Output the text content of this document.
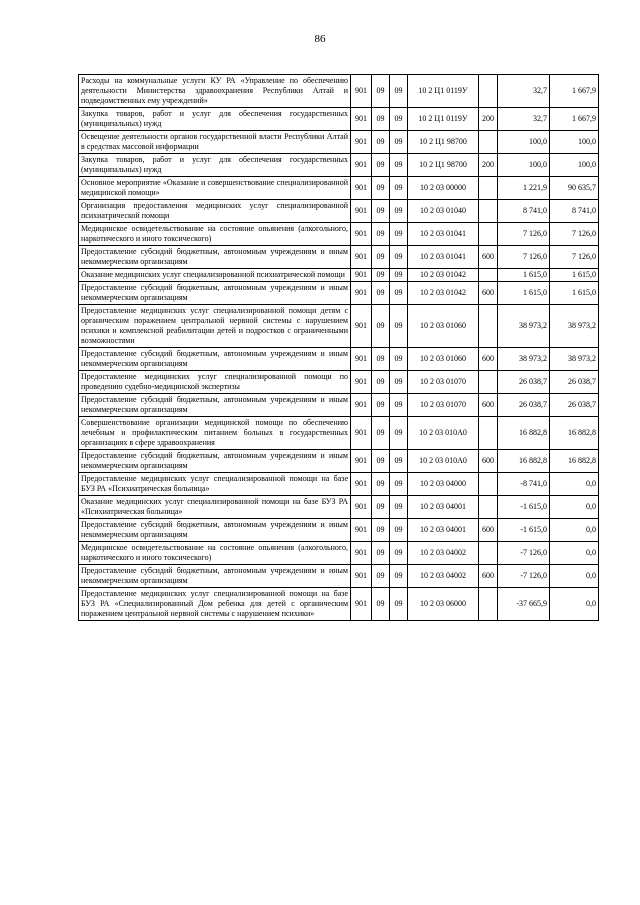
86
Расходы на коммунальные услуги КУ РА «Управление по обеспечению деятельности Министерства здравоохранения Республики Алтай и подведомственных ему учреждений»	901	09	09	10 2 Ц1 0119У		32,7	1 667,9
Закупка товаров, работ и услуг для обеспечения государственных (муниципальных) нужд	901	09	09	10 2 Ц1 0119У	200	32,7	1 667,9
Освещение деятельности органов государственной власти Республики Алтай в средствах массовой информации	901	09	09	10 2 Ц1 98700		100,0	100,0
Закупка товаров, работ и услуг для обеспечения государственных (муниципальных) нужд	901	09	09	10 2 Ц1 98700	200	100,0	100,0
Основное мероприятие «Оказание и совершенствование специализированной медицинской помощи»	901	09	09	10 2 03 00000		1 221,9	90 635,7
Организация предоставления медицинских услуг специализированной психиатрической помощи	901	09	09	10 2 03 01040		8 741,0	8 741,0
Медицинское освидетельствование на состояние опьянения (алкогольного, наркотического и иного токсического)	901	09	09	10 2 03 01041		7 126,0	7 126,0
Предоставление субсидий бюджетным, автономным учреждениям и иным некоммерческим организациям	901	09	09	10 2 03 01041	600	7 126,0	7 126,0
Оказание медицинских услуг специализированной психиатрической помощи	901	09	09	10 2 03 01042		1 615,0	1 615,0
Предоставление субсидий бюджетным, автономным учреждениям и иным некоммерческим организациям	901	09	09	10 2 03 01042	600	1 615,0	1 615,0
Предоставление медицинских услуг специализированной помощи детям с органическим поражением центральной нервной системы с нарушением психики и комплексной реабилитации детей и подростков с ограниченными возможностями	901	09	09	10 2 03 01060		38 973,2	38 973,2
Предоставление субсидий бюджетным, автономным учреждениям и иным некоммерческим организациям	901	09	09	10 2 03 01060	600	38 973,2	38 973,2
Предоставление медицинских услуг специализированной помощи по проведению судебно-медицинской экспертизы	901	09	09	10 2 03 01070		26 038,7	26 038,7
Предоставление субсидий бюджетным, автономным учреждениям и иным некоммерческим организациям	901	09	09	10 2 03 01070	600	26 038,7	26 038,7
Совершенствование организации медицинской помощи по обеспечению лечебным и профилактическим питанием больных в государственных организациях в сфере здравоохранения	901	09	09	10 2 03 010А0		16 882,8	16 882,8
Предоставление субсидий бюджетным, автономным учреждениям и иным некоммерческим организациям	901	09	09	10 2 03 010А0	600	16 882,8	16 882,8
Предоставление медицинских услуг специализированной помощи на базе БУЗ РА «Психиатрическая больница»	901	09	09	10 2 03 04000		-8 741,0	0,0
Оказание медицинских услуг специализированной помощи на базе БУЗ РА «Психиатрическая больница»	901	09	09	10 2 03 04001		-1 615,0	0,0
Предоставление субсидий бюджетным, автономным учреждениям и иным некоммерческим организациям	901	09	09	10 2 03 04001	600	-1 615,0	0,0
Медицинское освидетельствование на состояние опьянения (алкогольного, наркотического и иного токсического)	901	09	09	10 2 03 04002		-7 126,0	0,0
Предоставление субсидий бюджетным, автономным учреждениям и иным некоммерческим организациям	901	09	09	10 2 03 04002	600	-7 126,0	0,0
Предоставление медицинских услуг специализированной помощи на базе БУЗ РА «Специализированный Дом ребенка для детей с органическим поражением центральной нервной системы с нарушением психики»	901	09	09	10 2 03 06000		-37 665,9	0,0
